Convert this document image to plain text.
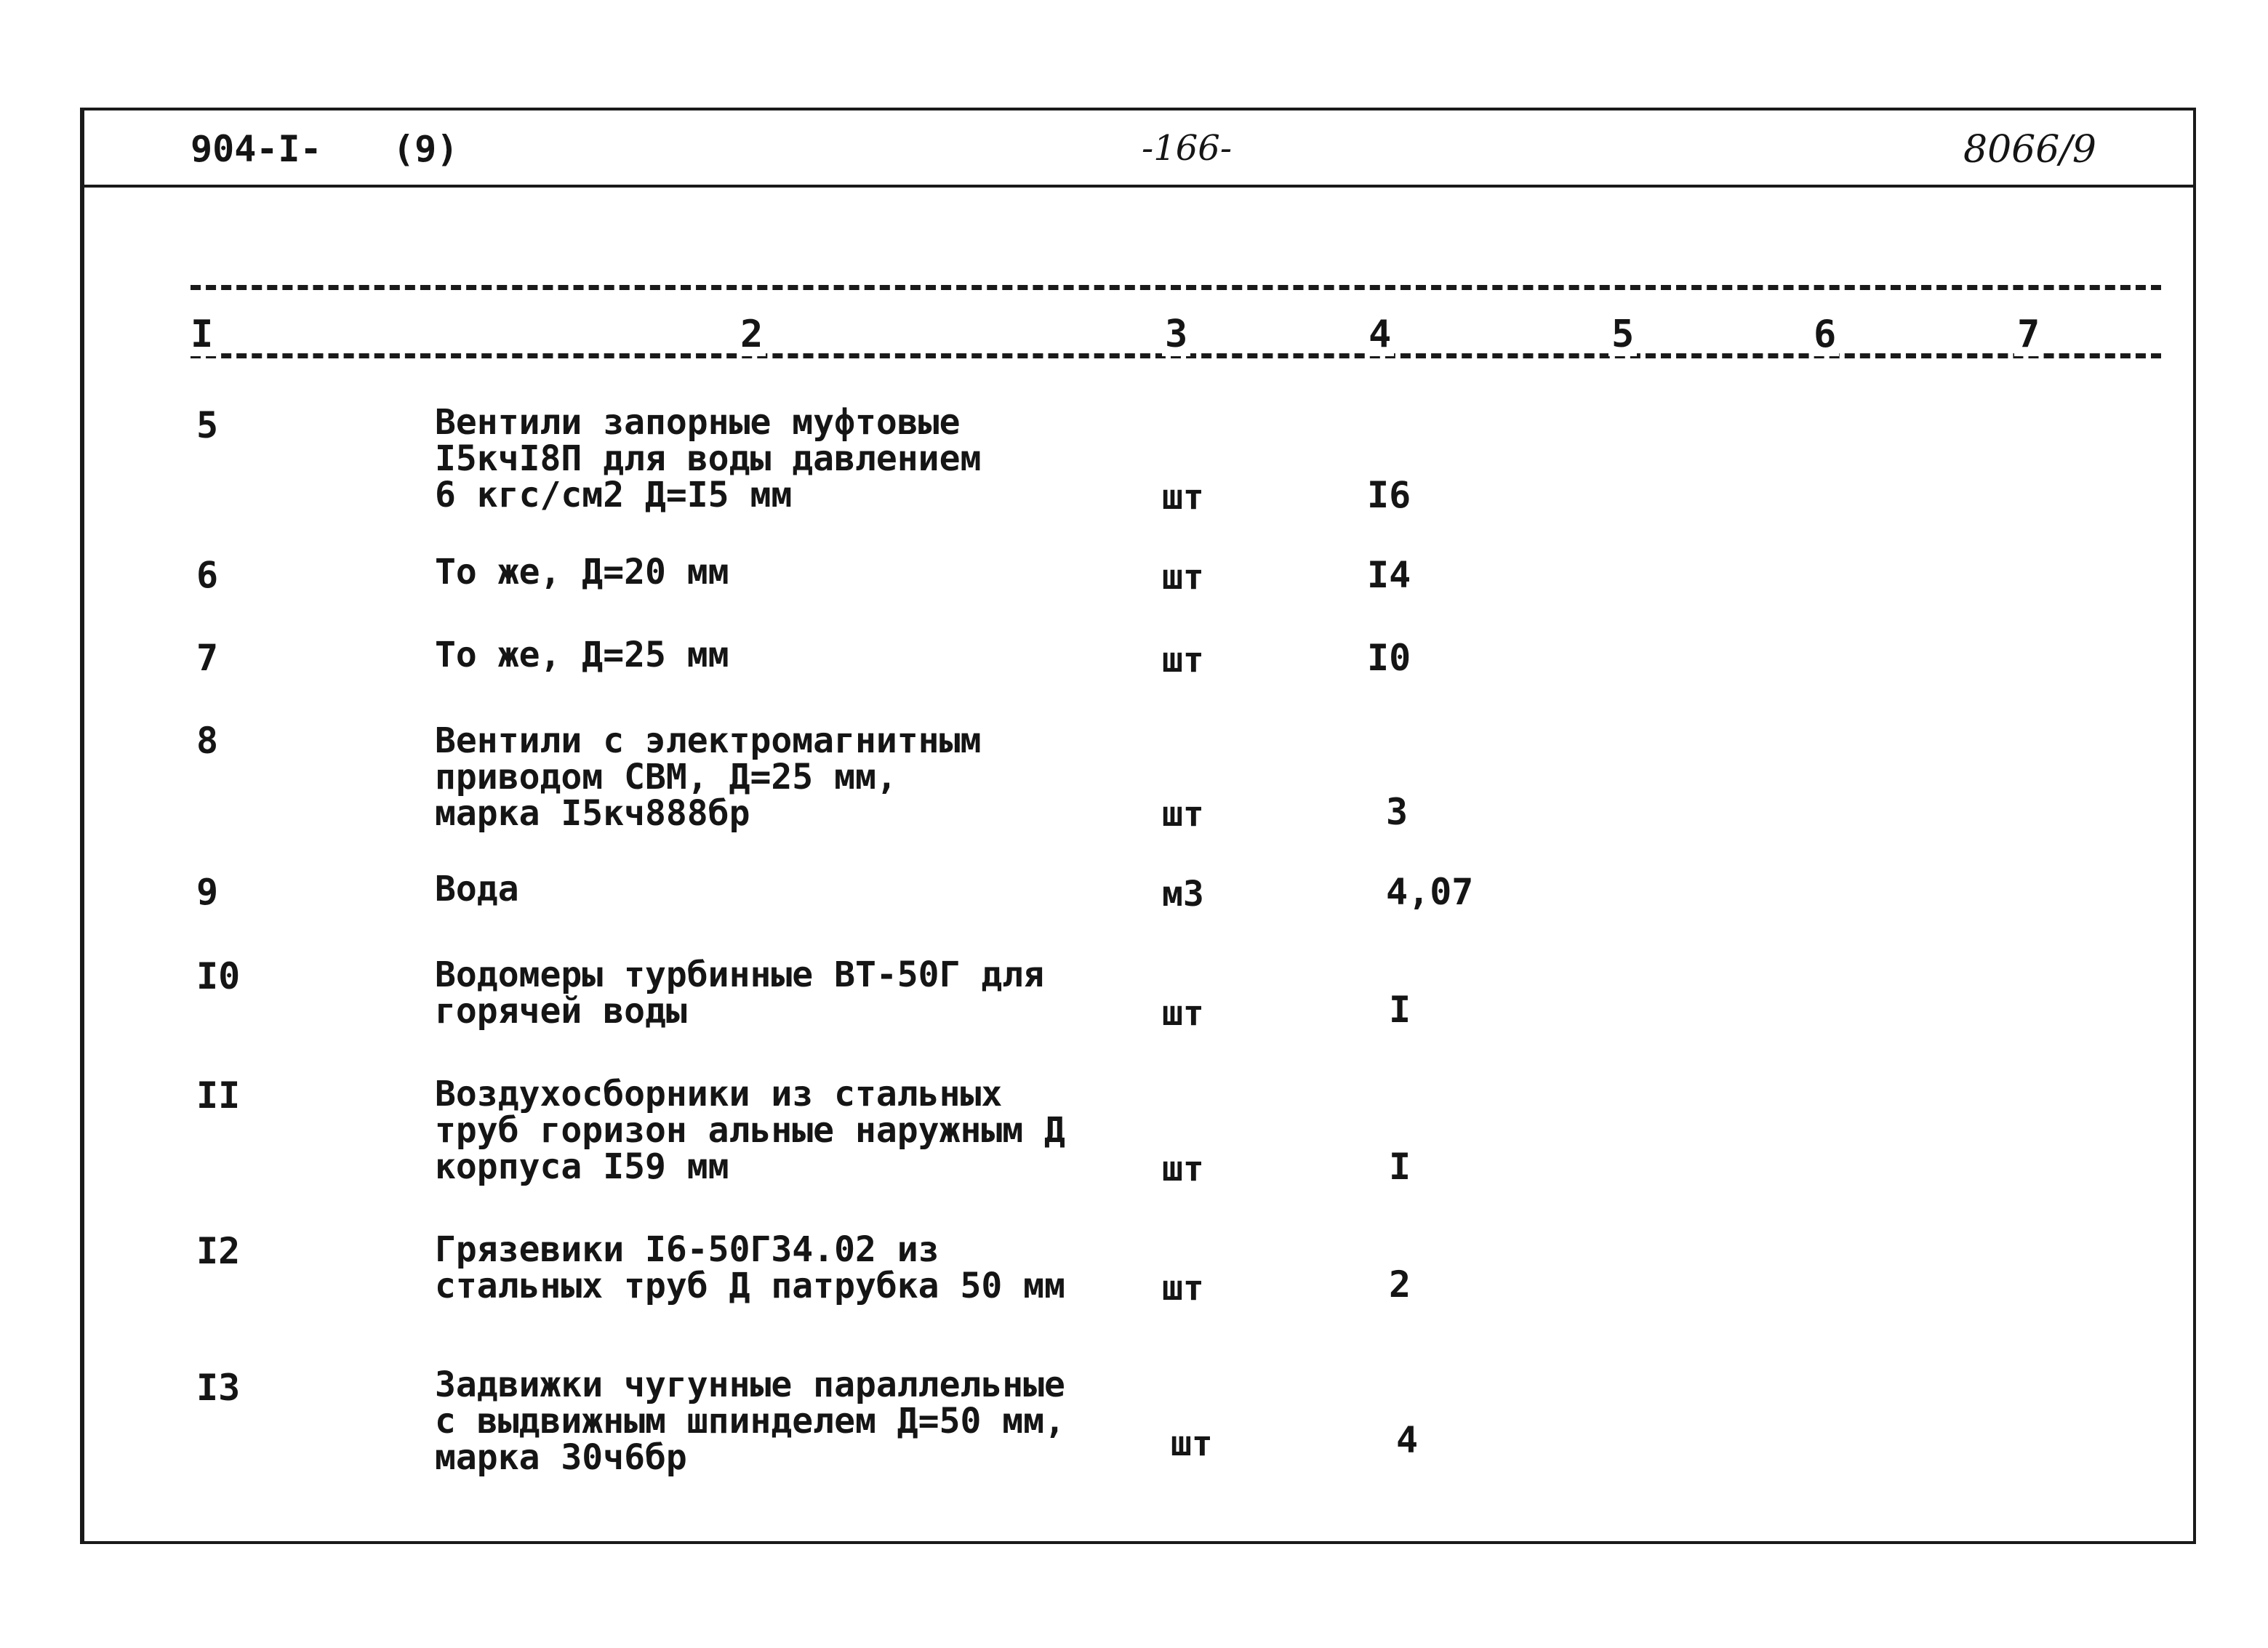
904-I- (9)	-166-	8066/9
I	2	3	4	5	6	7
5	Вентили запорные муфтовые
I5кчI8П для воды давлением
6 кгс/см2 Д=I5 мм	шт	I6
6	То же, Д=20 мм	шт	I4
7	То же, Д=25 мм	шт	I0
8	Вентили с электромагнитным
приводом СВМ, Д=25 мм,
марка I5кч888бр	шт	3
9	Вода	м3	4,07
I0	Водомеры турбинные ВТ-50Г для
горячей воды	шт	I
II	Воздухосборники из стальных
труб горизон альные наружным Д
корпуса I59 мм	шт	I
I2	Грязевики I6-50Г34.02 из
стальных труб Д патрубка 50 мм	шт	2
I3	Задвижки чугунные параллельные
с выдвижным шпинделем Д=50 мм,
марка 30ч6бр	шт	4
